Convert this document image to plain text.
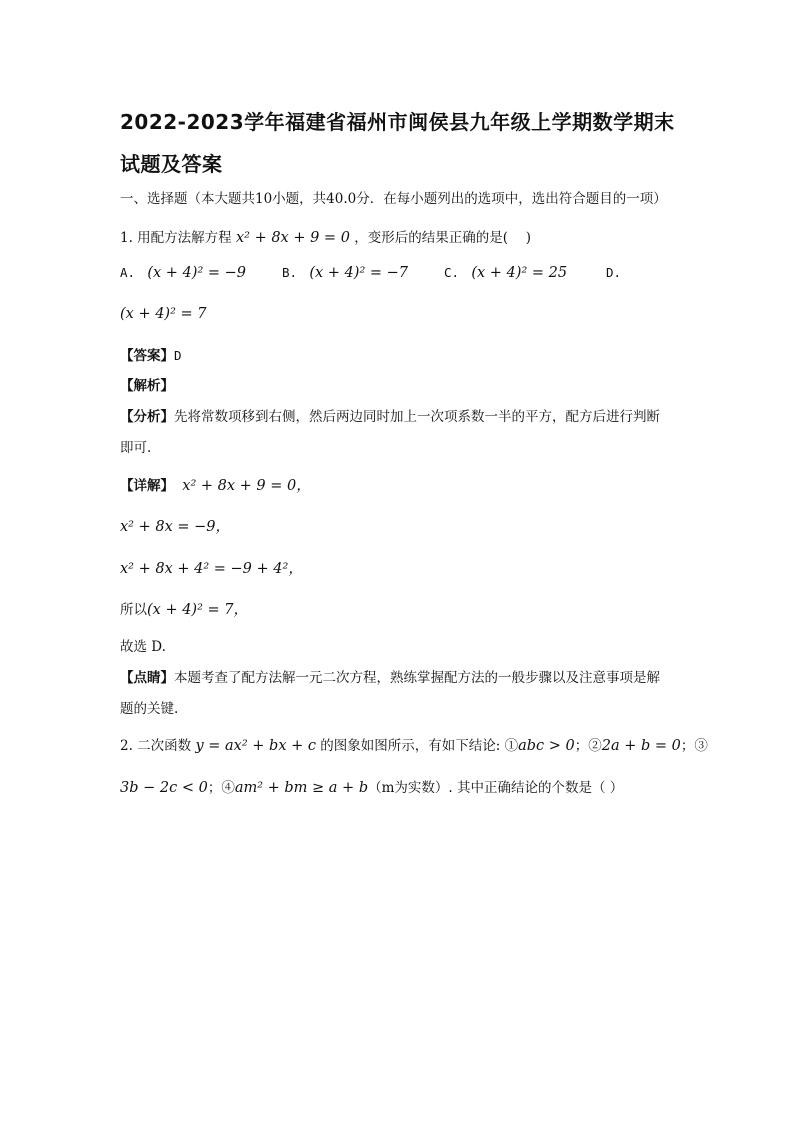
2022-2023学年福建省福州市闽侯县九年级上学期数学期末
试题及答案
一、选择题（本大题共10小题，共40.0分．在每小题列出的选项中，选出符合题目的一项）
1. 用配方法解方程 x² + 8x + 9 = 0 ，变形后的结果正确的是(　 )
A. (x + 4)² = −9	B. (x + 4)² = −7	C. (x + 4)² = 25	D.
(x + 4)² = 7
【答案】D
【解析】
【分析】先将常数项移到右侧，然后两边同时加上一次项系数一半的平方，配方后进行判断
即可.
【详解】 x² + 8x + 9 = 0，
x² + 8x = −9，
x² + 8x + 4² = −9 + 4²，
所以(x + 4)² = 7，
故选 D.
【点睛】本题考查了配方法解一元二次方程，熟练掌握配方法的一般步骤以及注意事项是解
题的关键.
2. 二次函数 y = ax² + bx + c 的图象如图所示，有如下结论: ①abc > 0；②2a + b = 0；③
3b − 2c < 0；④am² + bm ≥ a + b（m为实数）. 其中正确结论的个数是（ ）
